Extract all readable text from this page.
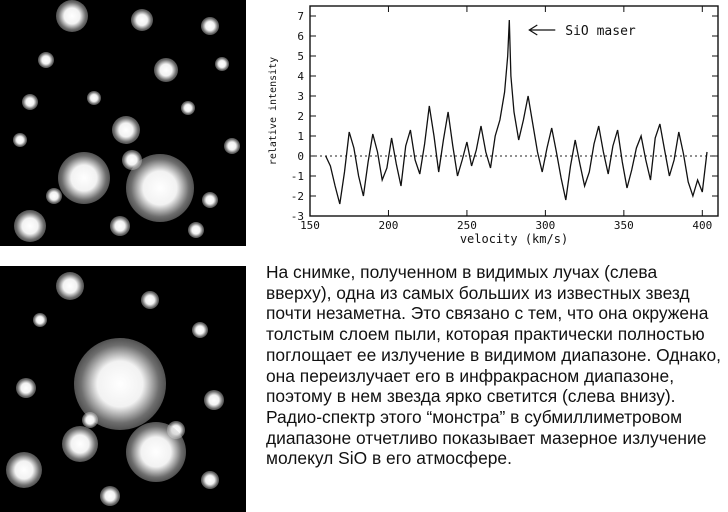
-3
-2
-1
0
1
2
3
4
5
6
7
150	200	250	300	350	400
SiO maser
relative intensity
velocity (km/s)

На снимке, полученном в видимых лучах (слева вверху), одна из самых больших из известных звезд почти незаметна. Это связано с тем, что она окружена толстым слоем пыли, которая практически полностью поглощает ее излучение в видимом диапазоне. Однако, она переизлучает его в инфракрасном диапазоне, поэтому в нем звезда ярко светится (слева внизу). Радио-спектр этого “монстра” в субмиллиметровом диапазоне отчетливо показывает мазерное излучение молекул SiO в его атмосфере.
